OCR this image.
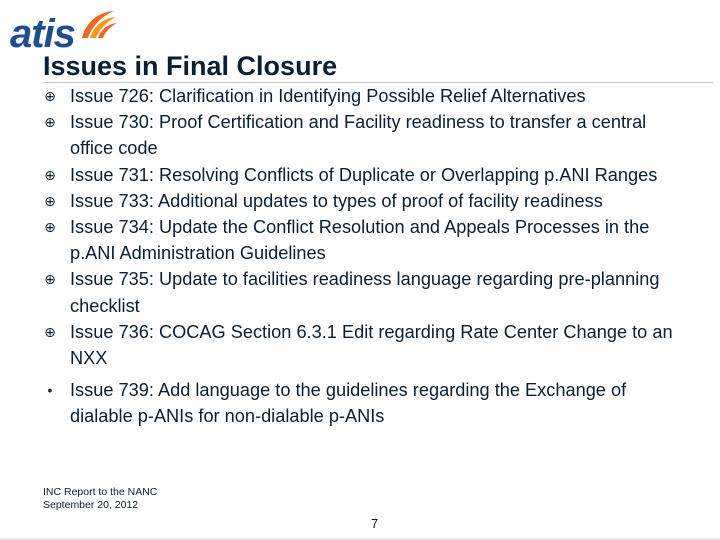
atis
Issues in Final Closure
⊕ Issue 726: Clarification in Identifying Possible Relief Alternatives
⊕ Issue 730: Proof Certification and Facility readiness to transfer a central office code
⊕ Issue 731: Resolving Conflicts of Duplicate or Overlapping p.ANI Ranges
⊕ Issue 733: Additional updates to types of proof of facility readiness
⊕ Issue 734: Update the Conflict Resolution and Appeals Processes in the p.ANI Administration Guidelines
⊕ Issue 735: Update to facilities readiness language regarding pre-planning checklist
⊕ Issue 736: COCAG Section 6.3.1 Edit regarding Rate Center Change to an NXX
• Issue 739: Add language to the guidelines regarding the Exchange of dialable p-ANIs for non-dialable p-ANIs
INC Report to the NANC
September 20, 2012
7
